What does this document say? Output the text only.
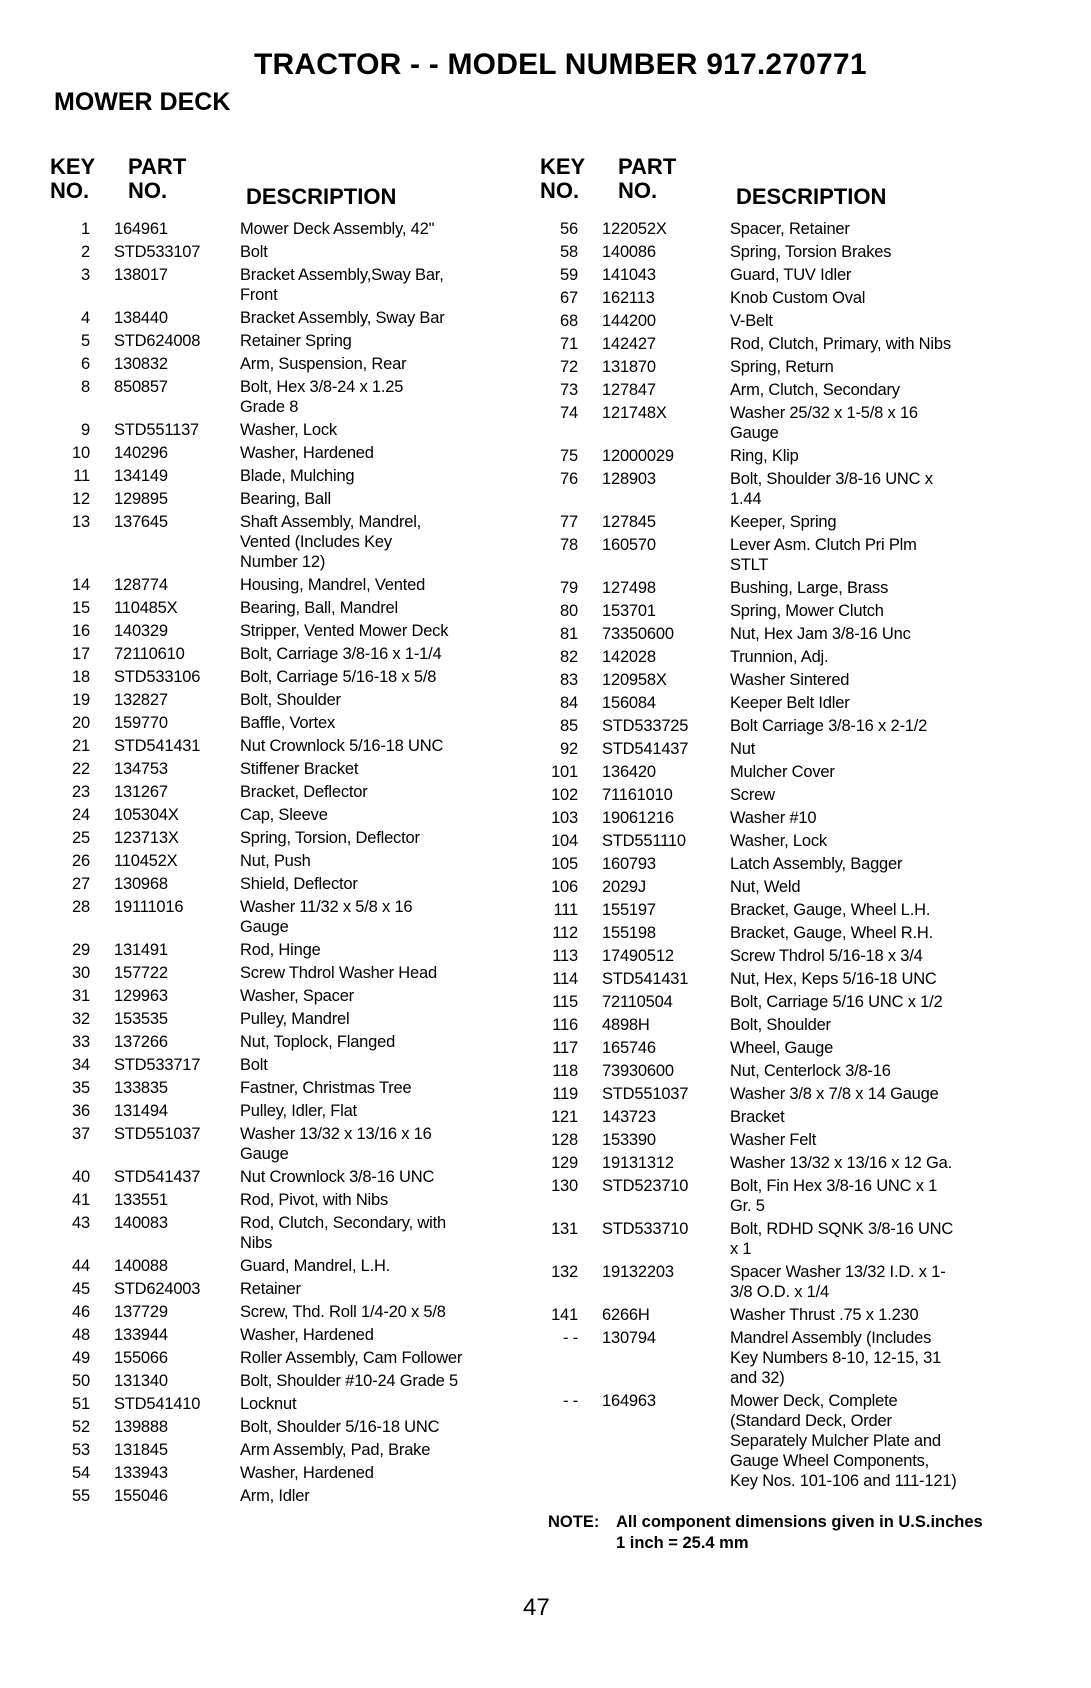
TRACTOR - - MODEL NUMBER 917.270771
MOWER DECK
KEY
NO.
PART
NO.	DESCRIPTION
1	164961	Mower Deck Assembly, 42"
2	STD533107	Bolt
3	138017	Bracket Assembly,Sway Bar,
Front
4	138440	Bracket Assembly, Sway Bar
5	STD624008	Retainer Spring
6	130832	Arm, Suspension, Rear
8	850857	Bolt, Hex 3/8-24 x 1.25
Grade 8
9	STD551137	Washer, Lock
10	140296	Washer, Hardened
11	134149	Blade, Mulching
12	129895	Bearing, Ball
13	137645	Shaft Assembly, Mandrel,
Vented (Includes Key
Number 12)
14	128774	Housing, Mandrel, Vented
15	110485X	Bearing, Ball, Mandrel
16	140329	Stripper, Vented Mower Deck
17	72110610	Bolt, Carriage 3/8-16 x 1-1/4
18	STD533106	Bolt, Carriage 5/16-18 x 5/8
19	132827	Bolt, Shoulder
20	159770	Baffle, Vortex
21	STD541431	Nut Crownlock 5/16-18 UNC
22	134753	Stiffener Bracket
23	131267	Bracket, Deflector
24	105304X	Cap, Sleeve
25	123713X	Spring, Torsion, Deflector
26	110452X	Nut, Push
27	130968	Shield, Deflector
28	19111016	Washer 11/32 x 5/8 x 16
Gauge
29	131491	Rod, Hinge
30	157722	Screw Thdrol Washer Head
31	129963	Washer, Spacer
32	153535	Pulley, Mandrel
33	137266	Nut, Toplock, Flanged
34	STD533717	Bolt
35	133835	Fastner, Christmas Tree
36	131494	Pulley, Idler, Flat
37	STD551037	Washer 13/32 x 13/16 x 16
Gauge
40	STD541437	Nut Crownlock 3/8-16 UNC
41	133551	Rod, Pivot, with Nibs
43	140083	Rod, Clutch, Secondary, with
Nibs
44	140088	Guard, Mandrel, L.H.
45	STD624003	Retainer
46	137729	Screw, Thd. Roll 1/4-20 x 5/8
48	133944	Washer, Hardened
49	155066	Roller Assembly, Cam Follower
50	131340	Bolt, Shoulder #10-24 Grade 5
51	STD541410	Locknut
52	139888	Bolt, Shoulder 5/16-18 UNC
53	131845	Arm Assembly, Pad, Brake
54	133943	Washer, Hardened
55	155046	Arm, Idler
KEY
NO.
PART
NO.	DESCRIPTION
56	122052X	Spacer, Retainer
58	140086	Spring, Torsion Brakes
59	141043	Guard, TUV Idler
67	162113	Knob Custom Oval
68	144200	V-Belt
71	142427	Rod, Clutch, Primary, with Nibs
72	131870	Spring, Return
73	127847	Arm, Clutch, Secondary
74	121748X	Washer 25/32 x 1-5/8 x 16
Gauge
75	12000029	Ring, Klip
76	128903	Bolt, Shoulder 3/8-16 UNC x
1.44
77	127845	Keeper, Spring
78	160570	Lever Asm. Clutch Pri Plm
STLT
79	127498	Bushing, Large, Brass
80	153701	Spring, Mower Clutch
81	73350600	Nut, Hex Jam 3/8-16 Unc
82	142028	Trunnion, Adj.
83	120958X	Washer Sintered
84	156084	Keeper Belt Idler
85	STD533725	Bolt Carriage 3/8-16 x 2-1/2
92	STD541437	Nut
101	136420	Mulcher Cover
102	71161010	Screw
103	19061216	Washer #10
104	STD551110	Washer, Lock
105	160793	Latch Assembly, Bagger
106	2029J	Nut, Weld
111	155197	Bracket, Gauge, Wheel L.H.
112	155198	Bracket, Gauge, Wheel R.H.
113	17490512	Screw Thdrol 5/16-18 x 3/4
114	STD541431	Nut, Hex, Keps 5/16-18 UNC
115	72110504	Bolt, Carriage 5/16 UNC x 1/2
116	4898H	Bolt, Shoulder
117	165746	Wheel, Gauge
118	73930600	Nut, Centerlock 3/8-16
119	STD551037	Washer 3/8 x 7/8 x 14 Gauge
121	143723	Bracket
128	153390	Washer Felt
129	19131312	Washer 13/32 x 13/16 x 12 Ga.
130	STD523710	Bolt, Fin Hex 3/8-16 UNC x 1
Gr. 5
131	STD533710	Bolt, RDHD SQNK 3/8-16 UNC
x 1
132	19132203	Spacer Washer 13/32 I.D. x 1-
3/8 O.D. x 1/4
141	6266H	Washer Thrust .75 x 1.230
- -	130794	Mandrel Assembly (Includes
Key Numbers 8-10, 12-15, 31
and 32)
- -	164963	Mower Deck, Complete
(Standard Deck, Order
Separately Mulcher Plate and
Gauge Wheel Components,
Key Nos. 101-106 and 111-121)
NOTE:	All component dimensions given in U.S.inches
1 inch = 25.4 mm
47
